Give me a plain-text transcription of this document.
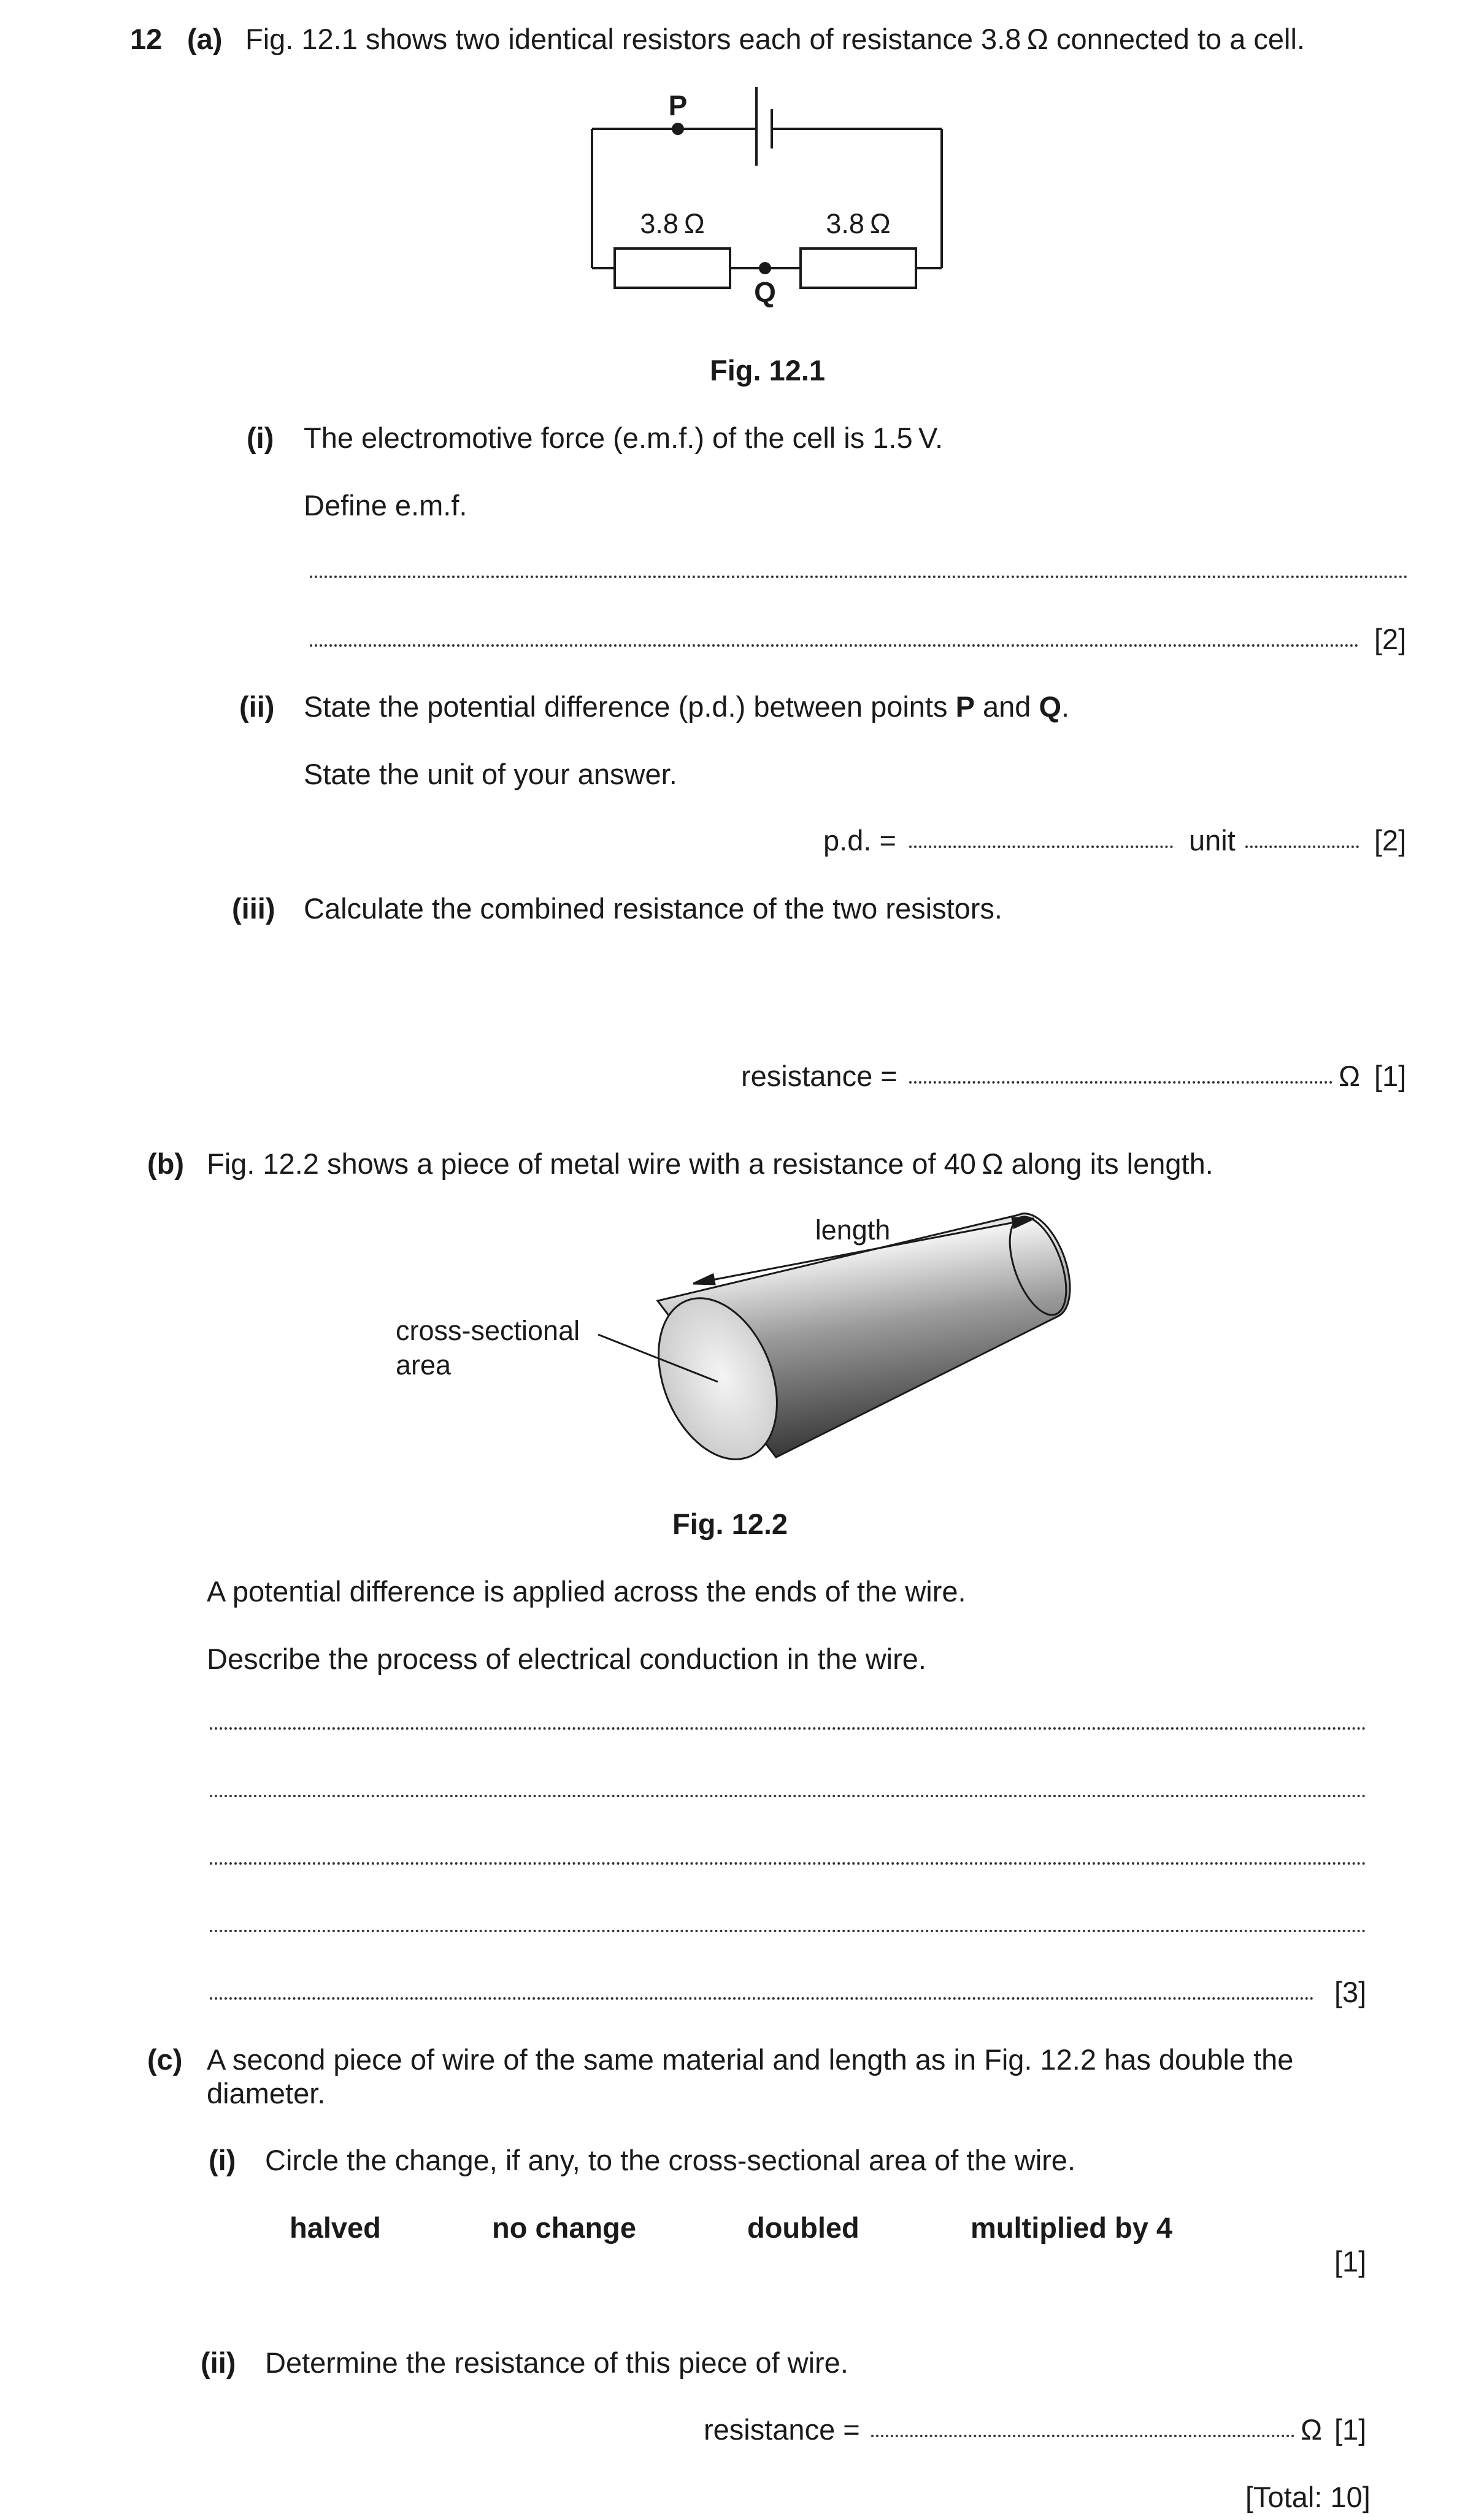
12 (a) Fig. 12.1 shows two identical resistors each of resistance 3.8 Ω connected to a cell.
P
Q
3.8 Ω	3.8 Ω
Fig. 12.1
(i) The electromotive force (e.m.f.) of the cell is 1.5 V.
Define e.m.f.
[2]
(ii) State the potential difference (p.d.) between points P and Q.
State the unit of your answer.
p.d. =	unit	[2]
(iii) Calculate the combined resistance of the two resistors.
resistance =	Ω [1]
(b) Fig. 12.2 shows a piece of metal wire with a resistance of 40 Ω along its length.
length
cross-sectional
area
Fig. 12.2
A potential difference is applied across the ends of the wire.
Describe the process of electrical conduction in the wire.
[3]
(c) A second piece of wire of the same material and length as in Fig. 12.2 has double the
diameter.
(i) Circle the change, if any, to the cross-sectional area of the wire.
halved	no change	doubled	multiplied by 4
[1]
(ii) Determine the resistance of this piece of wire.
resistance =	Ω [1]
[Total: 10]
